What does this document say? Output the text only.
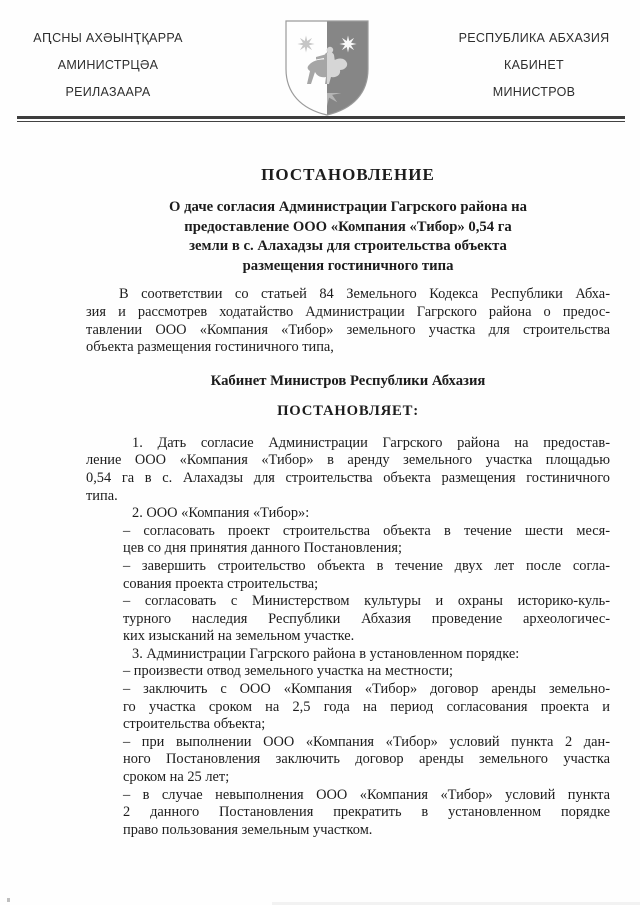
АԤСНЫ АХӘЫНҬҚАРРА
АМИНИСТРЦӘА
РЕИЛАЗААРА
РЕСПУБЛИКА АБХАЗИЯ
КАБИНЕТ
МИНИСТРОВ
ПОСТАНОВЛЕНИЕ
О даче согласия Администрации Гагрского района на
предоставление ООО «Компания «Тибор» 0,54 га
земли в с. Алахадзы для строительства объекта
размещения гостиничного типа
В соответствии со статьей 84 Земельного Кодекса Республики Абха-
зия и рассмотрев ходатайство Администрации Гагрского района о предос-
тавлении ООО «Компания «Тибор» земельного участка для строительства
объекта размещения гостиничного типа,
Кабинет Министров Республики Абхазия
ПОСТАНОВЛЯЕТ:
1. Дать согласие Администрации Гагрского района на предостав-
ление ООО «Компания «Тибор» в аренду земельного участка площадью
0,54 га в с. Алахадзы для строительства объекта размещения гостиничного
типа.
2. ООО «Компания «Тибор»:
– согласовать проект строительства объекта в течение шести меся-
цев со дня принятия данного Постановления;
– завершить строительство объекта в течение двух лет после согла-
сования проекта строительства;
– согласовать с Министерством культуры и охраны историко-куль-
турного наследия Республики Абхазия проведение археологичес-
ких изысканий на земельном участке.
3. Администрации Гагрского района в установленном порядке:
– произвести отвод земельного участка на местности;
– заключить с ООО «Компания «Тибор» договор аренды земельно-
го участка сроком на 2,5 года на период согласования проекта и
строительства объекта;
– при выполнении ООО «Компания «Тибор» условий пункта 2 дан-
ного Постановления заключить договор аренды земельного участка
сроком на 25 лет;
– в случае невыполнения ООО «Компания «Тибор» условий пункта
2 данного Постановления прекратить в установленном порядке
право пользования земельным участком.
